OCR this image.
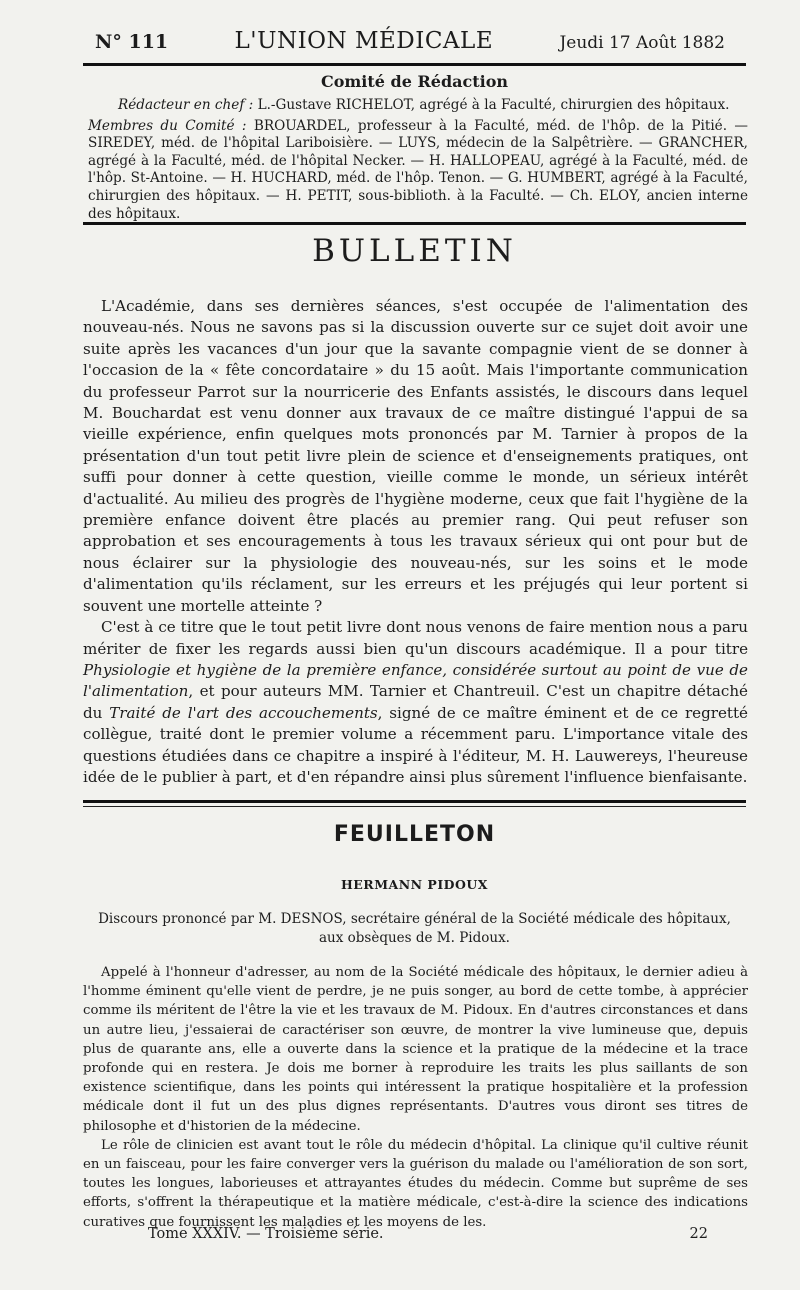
N° 111	L'UNION MÉDICALE	Jeudi 17 Août 1882
Comité de Rédaction

Rédacteur en chef : L.-Gustave RICHELOT, agrégé à la Faculté, chirurgien des hôpitaux.

Membres du Comité : BROUARDEL, professeur à la Faculté, méd. de l'hôp. de la Pitié. — SIREDEY, méd. de l'hôpital Lariboisière. — LUYS, médecin de la Salpêtrière. — GRANCHER, agrégé à la Faculté, méd. de l'hôpital Necker. — H. HALLOPEAU, agrégé à la Faculté, méd. de l'hôp. St-Antoine. — H. HUCHARD, méd. de l'hôp. Tenon. — G. HUMBERT, agrégé à la Faculté, chirurgien des hôpitaux. — H. PETIT, sous-biblioth. à la Faculté. — Ch. ELOY, ancien interne des hôpitaux.

BULLETIN

L'Académie, dans ses dernières séances, s'est occupée de l'alimentation des nouveau-nés. Nous ne savons pas si la discussion ouverte sur ce sujet doit avoir une suite après les vacances d'un jour que la savante compagnie vient de se donner à l'occasion de la « fête concordataire » du 15 août. Mais l'importante communication du professeur Parrot sur la nourricerie des Enfants assistés, le discours dans lequel M. Bouchardat est venu donner aux travaux de ce maître distingué l'appui de sa vieille expérience, enfin quelques mots prononcés par M. Tarnier à propos de la présentation d'un tout petit livre plein de science et d'enseignements pratiques, ont suffi pour donner à cette question, vieille comme le monde, un sérieux intérêt d'actualité. Au milieu des progrès de l'hygiène moderne, ceux que fait l'hygiène de la première enfance doivent être placés au premier rang. Qui peut refuser son approbation et ses encouragements à tous les travaux sérieux qui ont pour but de nous éclairer sur la physiologie des nouveau-nés, sur les soins et le mode d'alimentation qu'ils réclament, sur les erreurs et les préjugés qui leur portent si souvent une mortelle atteinte ?

C'est à ce titre que le tout petit livre dont nous venons de faire mention nous a paru mériter de fixer les regards aussi bien qu'un discours académique. Il a pour titre Physiologie et hygiène de la première enfance, considérée surtout au point de vue de l'alimentation, et pour auteurs MM. Tarnier et Chantreuil. C'est un chapitre détaché du Traité de l'art des accouchements, signé de ce maître éminent et de ce regretté collègue, traité dont le premier volume a récemment paru. L'importance vitale des questions étudiées dans ce chapitre a inspiré à l'éditeur, M. H. Lauwereys, l'heureuse idée de le publier à part, et d'en répandre ainsi plus sûrement l'influence bienfaisante.

FEUILLETON
HERMANN PIDOUX
Discours prononcé par M. DESNOS, secrétaire général de la Société médicale des hôpitaux,
aux obsèques de M. Pidoux.

Appelé à l'honneur d'adresser, au nom de la Société médicale des hôpitaux, le dernier adieu à l'homme éminent qu'elle vient de perdre, je ne puis songer, au bord de cette tombe, à apprécier comme ils méritent de l'être la vie et les travaux de M. Pidoux. En d'autres circonstances et dans un autre lieu, j'essaierai de caractériser son œuvre, de montrer la vive lumineuse que, depuis plus de quarante ans, elle a ouverte dans la science et la pratique de la médecine et la trace profonde qui en restera. Je dois me borner à reproduire les traits les plus saillants de son existence scientifique, dans les points qui intéressent la pratique hospitalière et la profession médicale dont il fut un des plus dignes représentants. D'autres vous diront ses titres de philosophe et d'historien de la médecine.

Le rôle de clinicien est avant tout le rôle du médecin d'hôpital. La clinique qu'il cultive réunit en un faisceau, pour les faire converger vers la guérison du malade ou l'amélioration de son sort, toutes les longues, laborieuses et attrayantes études du médecin. Comme but suprême de ses efforts, s'offrent la thérapeutique et la matière médicale, c'est-à-dire la science des indications curatives que fournissent les maladies et les moyens de les.

Tome XXXIV. — Troisième série.	22
